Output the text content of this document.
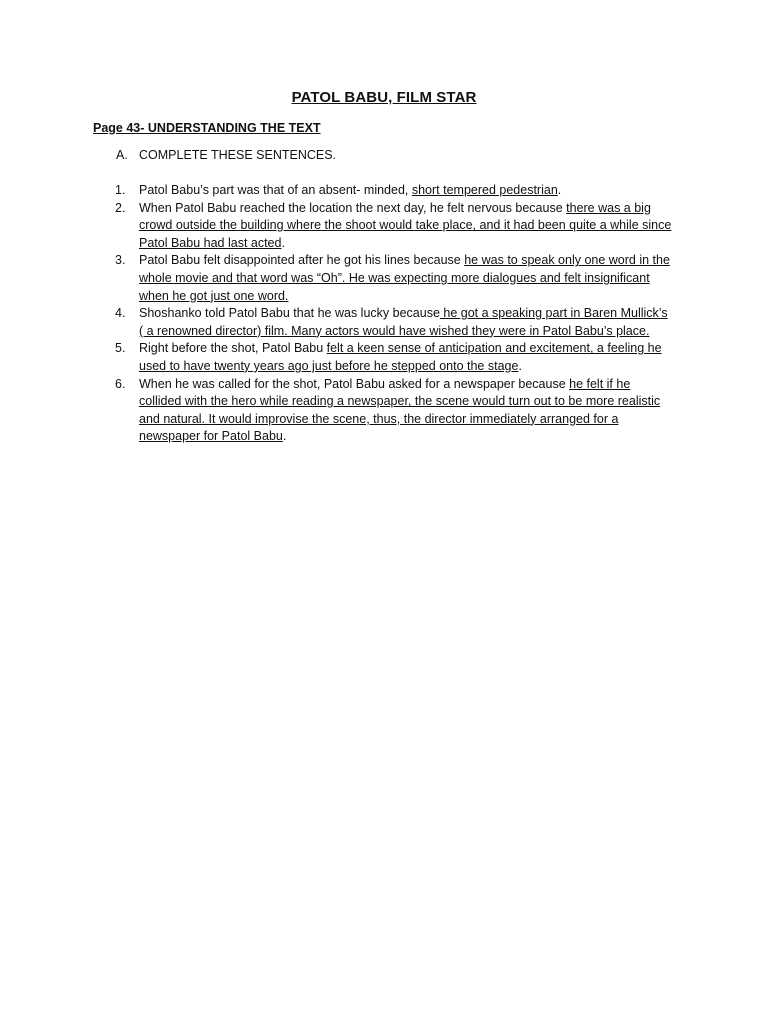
PATOL BABU, FILM STAR
Page 43- UNDERSTANDING THE TEXT
A. COMPLETE THESE SENTENCES.
1. Patol Babu’s part was that of an absent- minded, short tempered pedestrian.
2. When Patol Babu reached the location the next day, he felt nervous because there was a big crowd outside the building where the shoot would take place, and it had been quite a while since Patol Babu had last acted.
3. Patol Babu felt disappointed after he got his lines because he was to speak only one word in the whole movie and that word was “Oh”. He was expecting more dialogues and felt insignificant when he got just one word.
4. Shoshanko told Patol Babu that he was lucky because he got a speaking part in Baren Mullick’s ( a renowned director) film. Many actors would have wished they were in Patol Babu’s place.
5. Right before the shot, Patol Babu felt a keen sense of anticipation and excitement, a feeling he used to have twenty years ago just before he stepped onto the stage.
6. When he was called for the shot, Patol Babu asked for a newspaper because he felt if he collided with the hero while reading a newspaper, the scene would turn out to be more realistic and natural. It would improvise the scene, thus, the director immediately arranged for a newspaper for Patol Babu.
